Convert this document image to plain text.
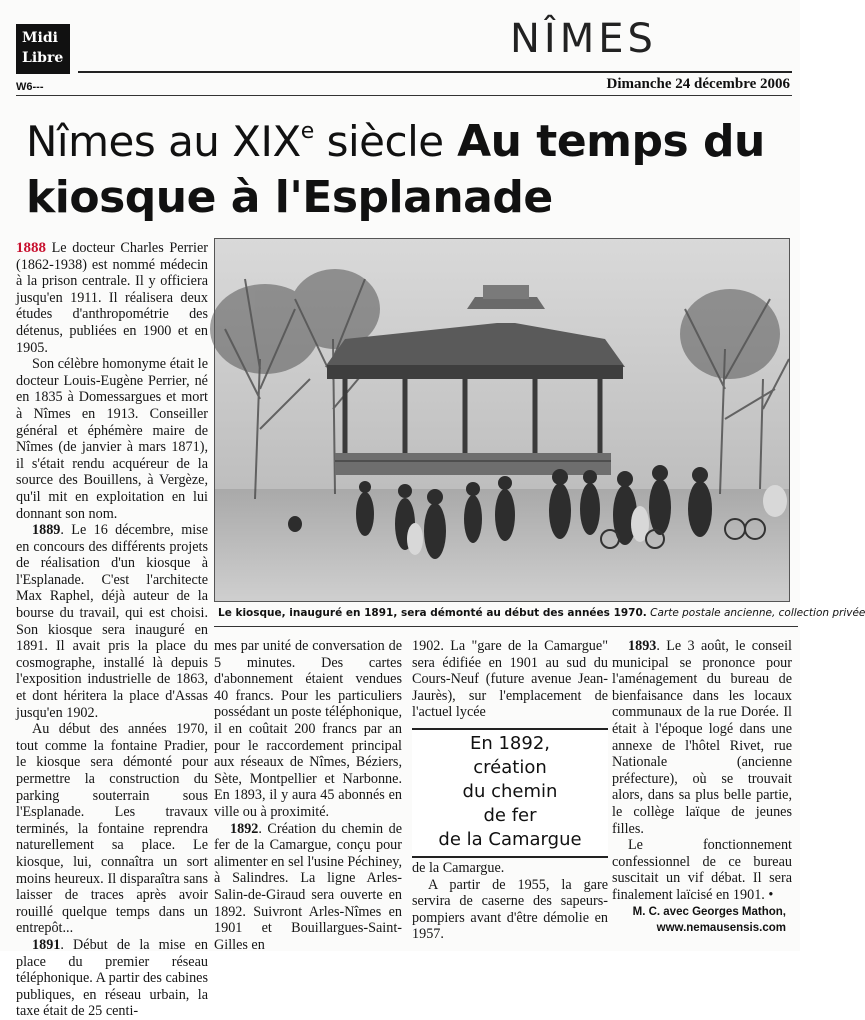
Midi
Libre	NÎMES
W6---	Dimanche 24 décembre 2006
Nîmes au XIXe siècle Au temps du kiosque à l'Esplanade

1888 Le docteur Charles Perrier (1862-1938) est nommé médecin à la prison centrale. Il y officiera jusqu'en 1911. Il réalisera deux études d'anthropométrie des détenus, publiées en 1900 et en 1905.

Son célèbre homonyme était le docteur Louis-Eugène Perrier, né en 1835 à Domessargues et mort à Nîmes en 1913. Conseiller général et éphémère maire de Nîmes (de janvier à mars 1871), il s'était rendu acquéreur de la source des Bouillens, à Vergèze, qu'il mit en exploitation en lui donnant son nom.

1889. Le 16 décembre, mise en concours des différents projets de réalisation d'un kiosque à l'Esplanade. C'est l'architecte Max Raphel, déjà auteur de la bourse du travail, qui est choisi. Son kiosque sera inauguré en 1891. Il avait pris la place du cosmographe, installé là depuis l'exposition industrielle de 1863, et dont héritera la place d'Assas jusqu'en 1902.

Au début des années 1970, tout comme la fontaine Pradier, le kiosque sera démonté pour permettre la construction du parking souterrain sous l'Esplanade. Les travaux terminés, la fontaine reprendra naturellement sa place. Le kiosque, lui, connaîtra un sort moins heureux. Il disparaîtra sans laisser de traces après avoir rouillé quelque temps dans un entrepôt...

1891. Début de la mise en place du premier réseau téléphonique. A partir des cabines publiques, en réseau urbain, la taxe était de 25 centi-

Le kiosque, inauguré en 1891, sera démonté au début des années 1970. Carte postale ancienne, collection privée

mes par unité de conversation de 5 minutes. Des cartes d'abonnement étaient vendues 40 francs. Pour les particuliers possédant un poste téléphonique, il en coûtait 200 francs par an pour le raccordement principal aux réseaux de Nîmes, Béziers, Sète, Montpellier et Narbonne. En 1893, il y aura 45 abonnés en ville ou à proximité.

1892. Création du chemin de fer de la Camargue, conçu pour alimenter en sel l'usine Péchiney, à Salindres. La ligne Arles-Salin-de-Giraud sera ouverte en 1892. Suivront Arles-Nîmes en 1901 et Bouillargues-Saint-Gilles en

1902. La "gare de la Camargue" sera édifiée en 1901 au sud du Cours-Neuf (future avenue Jean-Jaurès), sur l'emplacement de l'actuel lycée

En 1892,
création
du chemin
de fer
de la Camargue

de la Camargue.

A partir de 1955, la gare servira de caserne des sapeurs-pompiers avant d'être démolie en 1957.

1893. Le 3 août, le conseil municipal se prononce pour l'aménagement du bureau de bienfaisance dans les locaux communaux de la rue Dorée. Il était à l'époque logé dans une annexe de l'hôtel Rivet, rue Nationale (ancienne préfecture), où se trouvait alors, dans sa plus belle partie, le collège laïque de jeunes filles.

Le fonctionnement confessionnel de ce bureau suscitait un vif débat. Il sera finalement laïcisé en 1901. •

M. C. avec Georges Mathon,
www.nemausensis.com
